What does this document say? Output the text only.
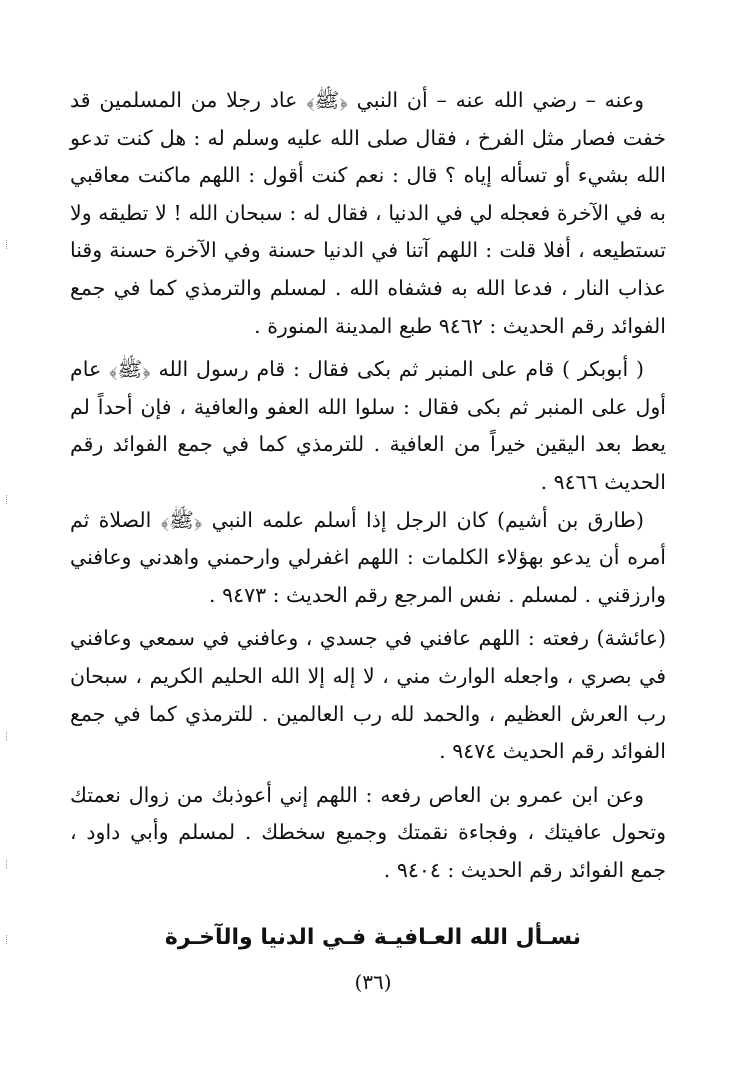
وعنه – رضي الله عنه – أن النبي ﴿ﷺ﴾ عاد رجلا من المسلمين قد خفت فصار مثل الفرخ ، فقال صلى الله عليه وسلم له : هل كنت تدعو الله بشيء أو تسأله إياه ؟ قال : نعم كنت أقول : اللهم ماكنت معاقبي به في الآخرة فعجله لي في الدنيا ، فقال له : سبحان الله ! لا تطيقه ولا تستطيعه ، أفلا قلت : اللهم آتنا في الدنيا حسنة وفي الآخرة حسنة وقنا عذاب النار ، فدعا الله به فشفاه الله . لمسلم والترمذي كما في جمع الفوائد رقم الحديث : ٩٤٦٢ طبع المدينة المنورة .

( أبوبكر ) قام على المنبر ثم بكى فقال : قام رسول الله ﴿ﷺ﴾ عام أول على المنبر ثم بكى فقال : سلوا الله العفو والعافية ، فإن أحداً لم يعط بعد اليقين خيراً من العافية . للترمذي كما في جمع الفوائد رقم الحديث ٩٤٦٦ .

(طارق بن أشيم) كان الرجل إذا أسلم علمه النبي ﴿ﷺ﴾ الصلاة ثم أمره أن يدعو بهؤلاء الكلمات : اللهم اغفرلي وارحمني واهدني وعافني وارزقني . لمسلم . نفس المرجع رقم الحديث : ٩٤٧٣ .

(عائشة) رفعته : اللهم عافني في جسدي ، وعافني في سمعي وعافني في بصري ، واجعله الوارث مني ، لا إله إلا الله الحليم الكريم ، سبحان رب العرش العظيم ، والحمد لله رب العالمين . للترمذي كما في جمع الفوائد رقم الحديث ٩٤٧٤ .

وعن ابن عمرو بن العاص رفعه : اللهم إني أعوذبك من زوال نعمتك وتحول عافيتك ، وفجاءة نقمتك وجميع سخطك . لمسلم وأبي داود ، جمع الفوائد رقم الحديث : ٩٤٠٤ .

نسـأل الله العـافيـة فـي الدنيا والآخـرة
(٣٦)
